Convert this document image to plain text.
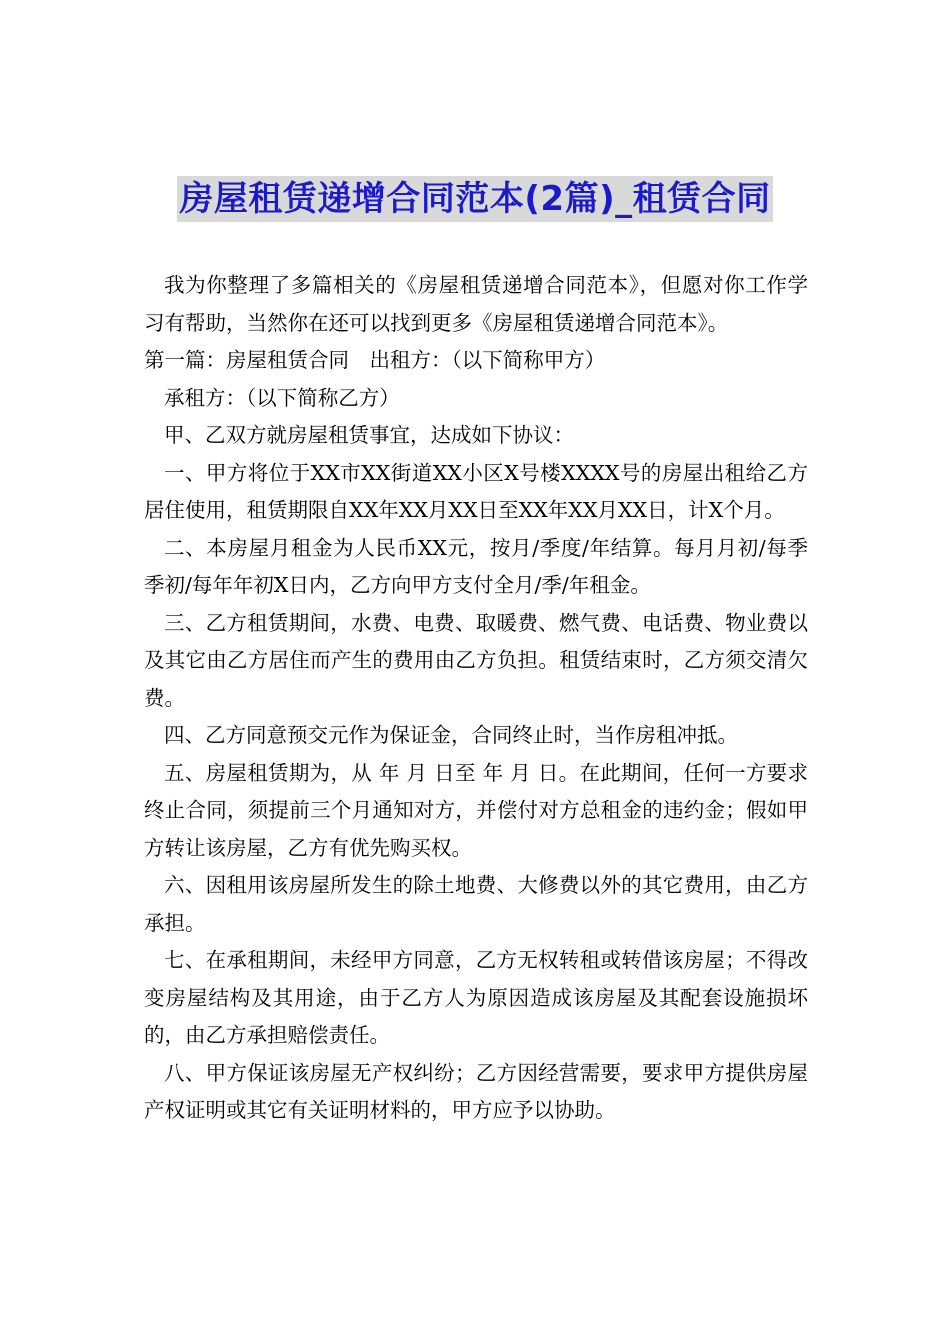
房屋租赁递增合同范本(2篇)_租赁合同

我为你整理了多篇相关的《房屋租赁递增合同范本》，但愿对你工作学习有帮助，当然你在还可以找到更多《房屋租赁递增合同范本》。

第一篇：房屋租赁合同　出租方：（以下简称甲方）

承租方：（以下简称乙方）

甲、乙双方就房屋租赁事宜，达成如下协议：

一、甲方将位于XX市XX街道XX小区X号楼XXXX号的房屋出租给乙方居住使用，租赁期限自XX年XX月XX日至XX年XX月XX日，计X个月。

二、本房屋月租金为人民币XX元，按月/季度/年结算。每月月初/每季季初/每年年初X日内，乙方向甲方支付全月/季/年租金。

三、乙方租赁期间，水费、电费、取暖费、燃气费、电话费、物业费以及其它由乙方居住而产生的费用由乙方负担。租赁结束时，乙方须交清欠费。

四、乙方同意预交元作为保证金，合同终止时，当作房租冲抵。

五、房屋租赁期为，从 年 月 日至 年 月 日。在此期间，任何一方要求终止合同，须提前三个月通知对方，并偿付对方总租金的违约金；假如甲方转让该房屋，乙方有优先购买权。

六、因租用该房屋所发生的除土地费、大修费以外的其它费用，由乙方承担。

七、在承租期间，未经甲方同意，乙方无权转租或转借该房屋；不得改变房屋结构及其用途，由于乙方人为原因造成该房屋及其配套设施损坏的，由乙方承担赔偿责任。

八、甲方保证该房屋无产权纠纷；乙方因经营需要，要求甲方提供房屋产权证明或其它有关证明材料的，甲方应予以协助。
